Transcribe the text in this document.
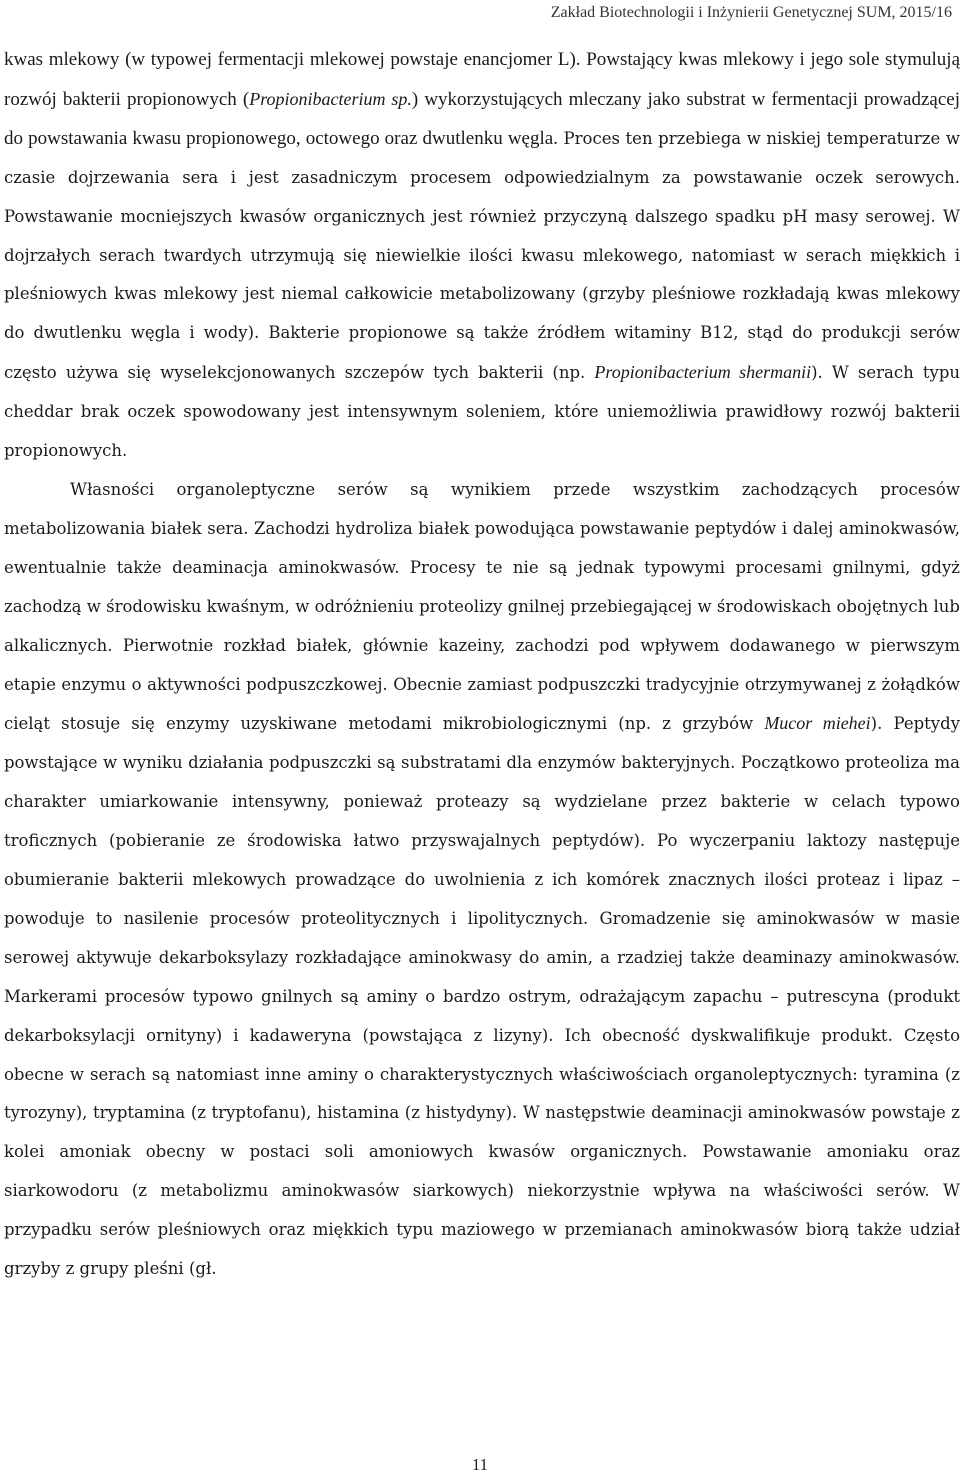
Zakład Biotechnologii i Inżynierii Genetycznej SUM, 2015/16

kwas mlekowy (w typowej fermentacji mlekowej powstaje enancjomer L). Powstający kwas mlekowy i jego sole stymulują rozwój bakterii propionowych (Propionibacterium sp.) wykorzystujących mleczany jako substrat w fermentacji prowadzącej do powstawania kwasu propionowego, octowego oraz dwutlenku węgla. Proces ten przebiega w niskiej temperaturze w czasie dojrzewania sera i jest zasadniczym procesem odpowiedzialnym za powstawanie oczek serowych. Powstawanie mocniejszych kwasów organicznych jest również przyczyną dalszego spadku pH masy serowej. W dojrzałych serach twardych utrzymują się niewielkie ilości kwasu mlekowego, natomiast w serach miękkich i pleśniowych kwas mlekowy jest niemal całkowicie metabolizowany (grzyby pleśniowe rozkładają kwas mlekowy do dwutlenku węgla i wody). Bakterie propionowe są także źródłem witaminy B12, stąd do produkcji serów często używa się wyselekcjonowanych szczepów tych bakterii (np. Propionibacterium shermanii). W serach typu cheddar brak oczek spowodowany jest intensywnym soleniem, które uniemożliwia prawidłowy rozwój bakterii propionowych.

Własności organoleptyczne serów są wynikiem przede wszystkim zachodzących procesów metabolizowania białek sera. Zachodzi hydroliza białek powodująca powstawanie peptydów i dalej aminokwasów, ewentualnie także deaminacja aminokwasów. Procesy te nie są jednak typowymi procesami gnilnymi, gdyż zachodzą w środowisku kwaśnym, w odróżnieniu proteolizy gnilnej przebiegającej w środowiskach obojętnych lub alkalicznych. Pierwotnie rozkład białek, głównie kazeiny, zachodzi pod wpływem dodawanego w pierwszym etapie enzymu o aktywności podpuszczkowej. Obecnie zamiast podpuszczki tradycyjnie otrzymywanej z żołądków cieląt stosuje się enzymy uzyskiwane metodami mikrobiologicznymi (np. z grzybów Mucor miehei). Peptydy powstające w wyniku działania podpuszczki są substratami dla enzymów bakteryjnych. Początkowo proteoliza ma charakter umiarkowanie intensywny, ponieważ proteazy są wydzielane przez bakterie w celach typowo troficznych (pobieranie ze środowiska łatwo przyswajalnych peptydów). Po wyczerpaniu laktozy następuje obumieranie bakterii mlekowych prowadzące do uwolnienia z ich komórek znacznych ilości proteaz i lipaz – powoduje to nasilenie procesów proteolitycznych i lipolitycznych. Gromadzenie się aminokwasów w masie serowej aktywuje dekarboksylazy rozkładające aminokwasy do amin, a rzadziej także deaminazy aminokwasów. Markerami procesów typowo gnilnych są aminy o bardzo ostrym, odrażającym zapachu – putrescyna (produkt dekarboksylacji ornityny) i kadaweryna (powstająca z lizyny). Ich obecność dyskwalifikuje produkt. Często obecne w serach są natomiast inne aminy o charakterystycznych właściwościach organoleptycznych: tyramina (z tyrozyny), tryptamina (z tryptofanu), histamina (z histydyny). W następstwie deaminacji aminokwasów powstaje z kolei amoniak obecny w postaci soli amoniowych kwasów organicznych. Powstawanie amoniaku oraz siarkowodoru (z metabolizmu aminokwasów siarkowych) niekorzystnie wpływa na właściwości serów. W przypadku serów pleśniowych oraz miękkich typu maziowego w przemianach aminokwasów biorą także udział grzyby z grupy pleśni (gł.

11
